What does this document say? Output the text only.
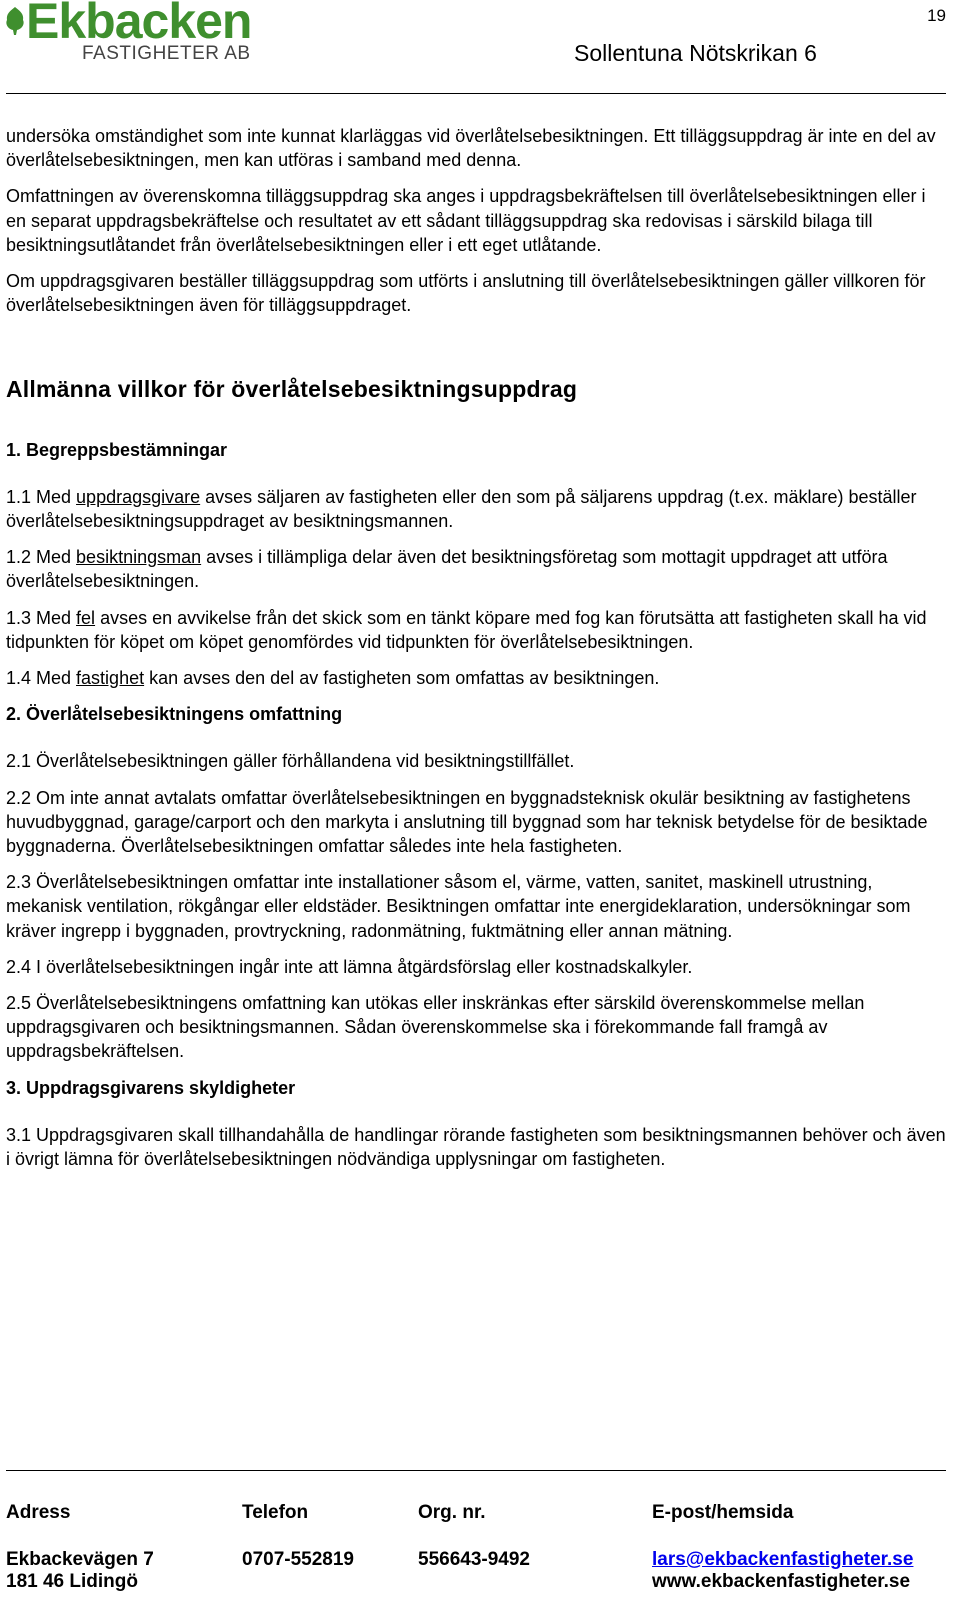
Ekbacken
FASTIGHETER AB
19
Sollentuna Nötskrikan 6

undersöka omständighet som inte kunnat klarläggas vid överlåtelsebesiktningen. Ett tilläggsuppdrag är inte en del av överlåtelsebesiktningen, men kan utföras i samband med denna.

Omfattningen av överenskomna tilläggsuppdrag ska anges i uppdragsbekräftelsen till överlåtelsebesiktningen eller i en separat uppdragsbekräftelse och resultatet av ett sådant tilläggsuppdrag ska redovisas i särskild bilaga till besiktningsutlåtandet från överlåtelsebesiktningen eller i ett eget utlåtande.

Om uppdragsgivaren beställer tilläggsuppdrag som utförts i anslutning till överlåtelsebesiktningen gäller villkoren för överlåtelsebesiktningen även för tilläggsuppdraget.

Allmänna villkor för överlåtelsebesiktningsuppdrag

1. Begreppsbestämningar

1.1 Med uppdragsgivare avses säljaren av fastigheten eller den som på säljarens uppdrag (t.ex. mäklare) beställer överlåtelsebesiktningsuppdraget av besiktningsmannen.

1.2 Med besiktningsman avses i tillämpliga delar även det besiktningsföretag som mottagit uppdraget att utföra överlåtelsebesiktningen.

1.3 Med fel avses en avvikelse från det skick som en tänkt köpare med fog kan förutsätta att fastigheten skall ha vid tidpunkten för köpet om köpet genomfördes vid tidpunkten för överlåtelsebesiktningen.

1.4 Med fastighet kan avses den del av fastigheten som omfattas av besiktningen.

2. Överlåtelsebesiktningens omfattning

2.1 Överlåtelsebesiktningen gäller förhållandena vid besiktningstillfället.

2.2 Om inte annat avtalats omfattar överlåtelsebesiktningen en byggnadsteknisk okulär besiktning av fastighetens huvudbyggnad, garage/carport och den markyta i anslutning till byggnad som har teknisk betydelse för de besiktade byggnaderna. Överlåtelsebesiktningen omfattar således inte hela fastigheten.

2.3 Överlåtelsebesiktningen omfattar inte installationer såsom el, värme, vatten, sanitet, maskinell utrustning, mekanisk ventilation, rökgångar eller eldstäder. Besiktningen omfattar inte energideklaration, undersökningar som kräver ingrepp i byggnaden, provtryckning, radonmätning, fuktmätning eller annan mätning.

2.4 I överlåtelsebesiktningen ingår inte att lämna åtgärdsförslag eller kostnadskalkyler.

2.5 Överlåtelsebesiktningens omfattning kan utökas eller inskränkas efter särskild överenskommelse mellan uppdragsgivaren och besiktningsmannen. Sådan överenskommelse ska i förekommande fall framgå av uppdragsbekräftelsen.

3. Uppdragsgivarens skyldigheter

3.1 Uppdragsgivaren skall tillhandahålla de handlingar rörande fastigheten som besiktningsmannen behöver och även i övrigt lämna för överlåtelsebesiktningen nödvändiga upplysningar om fastigheten.

Adress
Ekbackevägen 7
181 46 Lidingö
Telefon
0707-552819
Org. nr.
556643-9492
E-post/hemsida
lars@ekbackenfastigheter.se
www.ekbackenfastigheter.se
